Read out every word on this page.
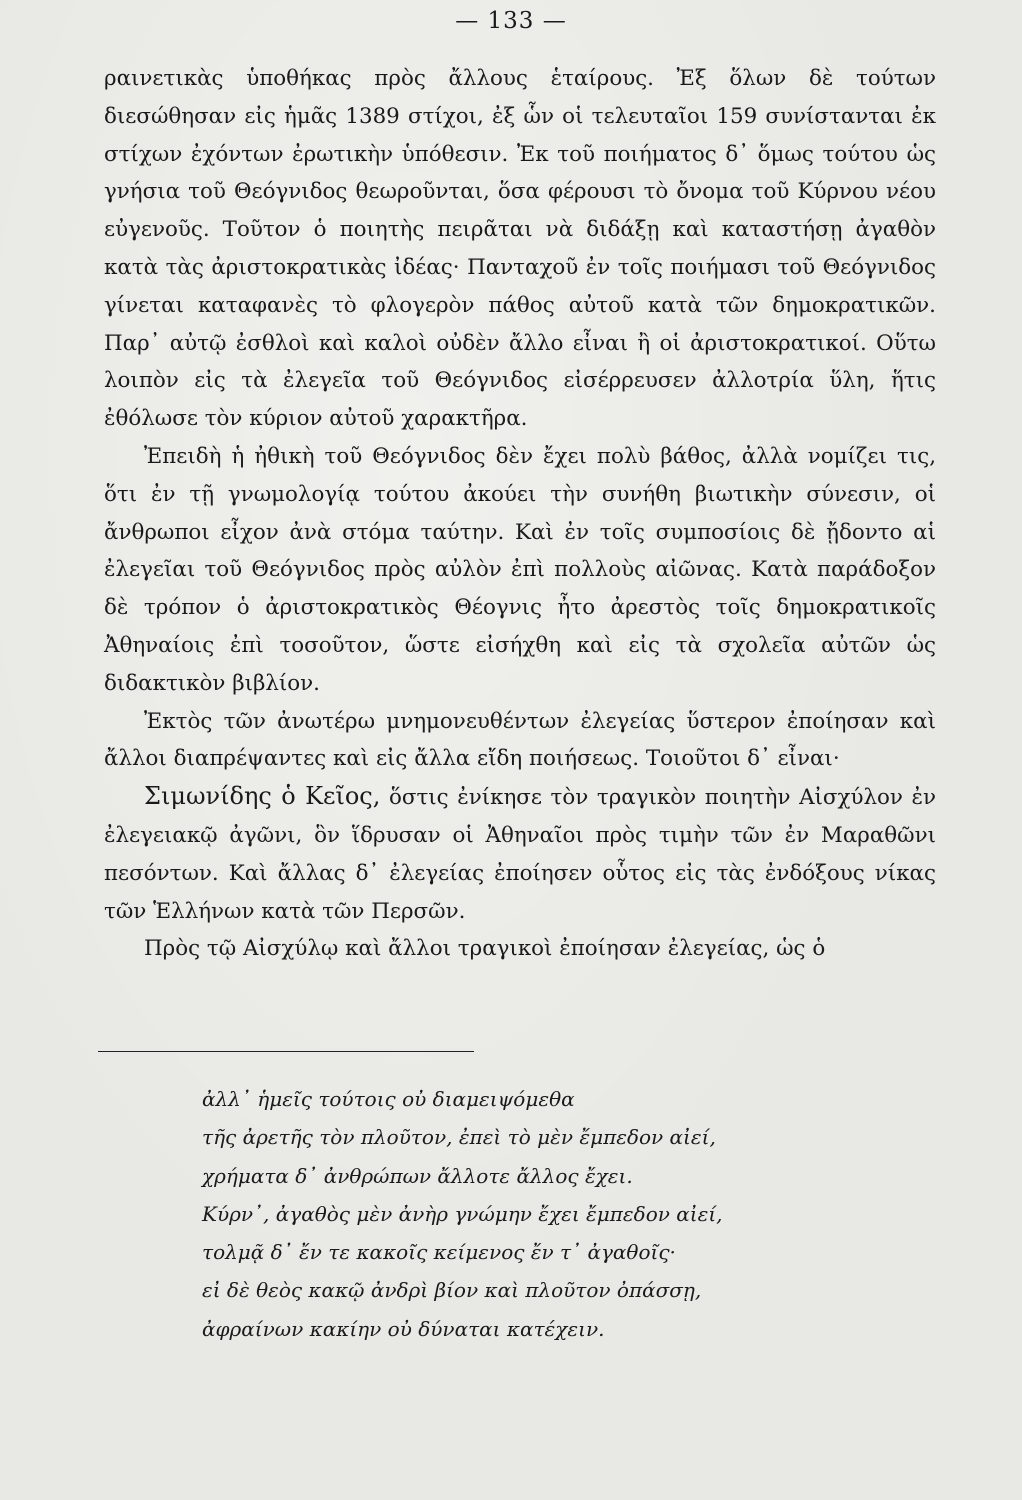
— 133 —

ραινετικὰς ὑποθήκας πρὸς ἄλλους ἑταίρους. Ἐξ ὅλων δὲ τούτων διεσώθησαν εἰς ἡμᾶς 1389 στίχοι, ἐξ ὧν οἱ τελευταῖοι 159 συνίστανται ἐκ στίχων ἐχόντων ἐρωτικὴν ὑπόθεσιν. Ἐκ τοῦ ποιήματος δ᾽ ὅμως τούτου ὡς γνήσια τοῦ Θεόγνιδος θεωροῦνται, ὅσα φέρουσι τὸ ὄνομα τοῦ Κύρνου νέου εὐγενοῦς. Τοῦτον ὁ ποιητὴς πειρᾶται νὰ διδάξῃ καὶ καταστήσῃ ἀγαθὸν κατὰ τὰς ἀριστοκρατικὰς ἰδέας· Πανταχοῦ ἐν τοῖς ποιήμασι τοῦ Θεόγνιδος γίνεται καταφανὲς τὸ φλογερὸν πάθος αὐτοῦ κατὰ τῶν δημοκρατικῶν. Παρ᾽ αὐτῷ ἐσθλοὶ καὶ καλοὶ οὐδὲν ἄλλο εἶναι ἢ οἱ ἀριστοκρατικοί. Οὕτω λοιπὸν εἰς τὰ ἐλεγεῖα τοῦ Θεόγνιδος εἰσέρρευσεν ἀλλοτρία ὕλη, ἥτις ἐθόλωσε τὸν κύριον αὐτοῦ χαρακτῆρα.

Ἐπειδὴ ἡ ἠθικὴ τοῦ Θεόγνιδος δὲν ἔχει πολὺ βάθος, ἀλλὰ νομίζει τις, ὅτι ἐν τῇ γνωμολογίᾳ τούτου ἀκούει τὴν συνήθη βιωτικὴν σύνεσιν, οἱ ἄνθρωποι εἶχον ἀνὰ στόμα ταύτην. Καὶ ἐν τοῖς συμποσίοις δὲ ᾔδοντο αἱ ἐλεγεῖαι τοῦ Θεόγνιδος πρὸς αὐλὸν ἐπὶ πολλοὺς αἰῶνας. Κατὰ παράδοξον δὲ τρόπον ὁ ἀριστοκρατικὸς Θέογνις ἦτο ἀρεστὸς τοῖς δημοκρατικοῖς Ἀθηναίοις ἐπὶ τοσοῦτον, ὥστε εἰσήχθη καὶ εἰς τὰ σχολεῖα αὐτῶν ὡς διδακτικὸν βιβλίον.

Ἐκτὸς τῶν ἀνωτέρω μνημονευθέντων ἐλεγείας ὕστερον ἐποίησαν καὶ ἄλλοι διαπρέψαντες καὶ εἰς ἄλλα εἴδη ποιήσεως. Τοιοῦτοι δ᾽ εἶναι·

Σιμωνίδης ὁ Κεῖος, ὅστις ἐνίκησε τὸν τραγικὸν ποιητὴν Αἰσχύλον ἐν ἐλεγειακῷ ἀγῶνι, ὃν ἵδρυσαν οἱ Ἀθηναῖοι πρὸς τιμὴν τῶν ἐν Μαραθῶνι πεσόντων. Καὶ ἄλλας δ᾽ ἐλεγείας ἐποίησεν οὗτος εἰς τὰς ἐνδόξους νίκας τῶν Ἑλλήνων κατὰ τῶν Περσῶν.

Πρὸς τῷ Αἰσχύλῳ καὶ ἄλλοι τραγικοὶ ἐποίησαν ἐλεγείας, ὡς ὁ

ἀλλ᾽ ἡμεῖς τούτοις οὐ διαμειψόμεθα
τῆς ἀρετῆς τὸν πλοῦτον, ἐπεὶ τὸ μὲν ἔμπεδον αἰεί,
χρήματα δ᾽ ἀνθρώπων ἄλλοτε ἄλλος ἔχει.
Κύρν᾽, ἀγαθὸς μὲν ἀνὴρ γνώμην ἔχει ἔμπεδον αἰεί,
τολμᾷ δ᾽ ἔν τε κακοῖς κείμενος ἔν τ᾽ ἀγαθοῖς·
εἰ δὲ θεὸς κακῷ ἀνδρὶ βίον καὶ πλοῦτον ὀπάσσῃ,
ἀφραίνων κακίην οὐ δύναται κατέχειν.
